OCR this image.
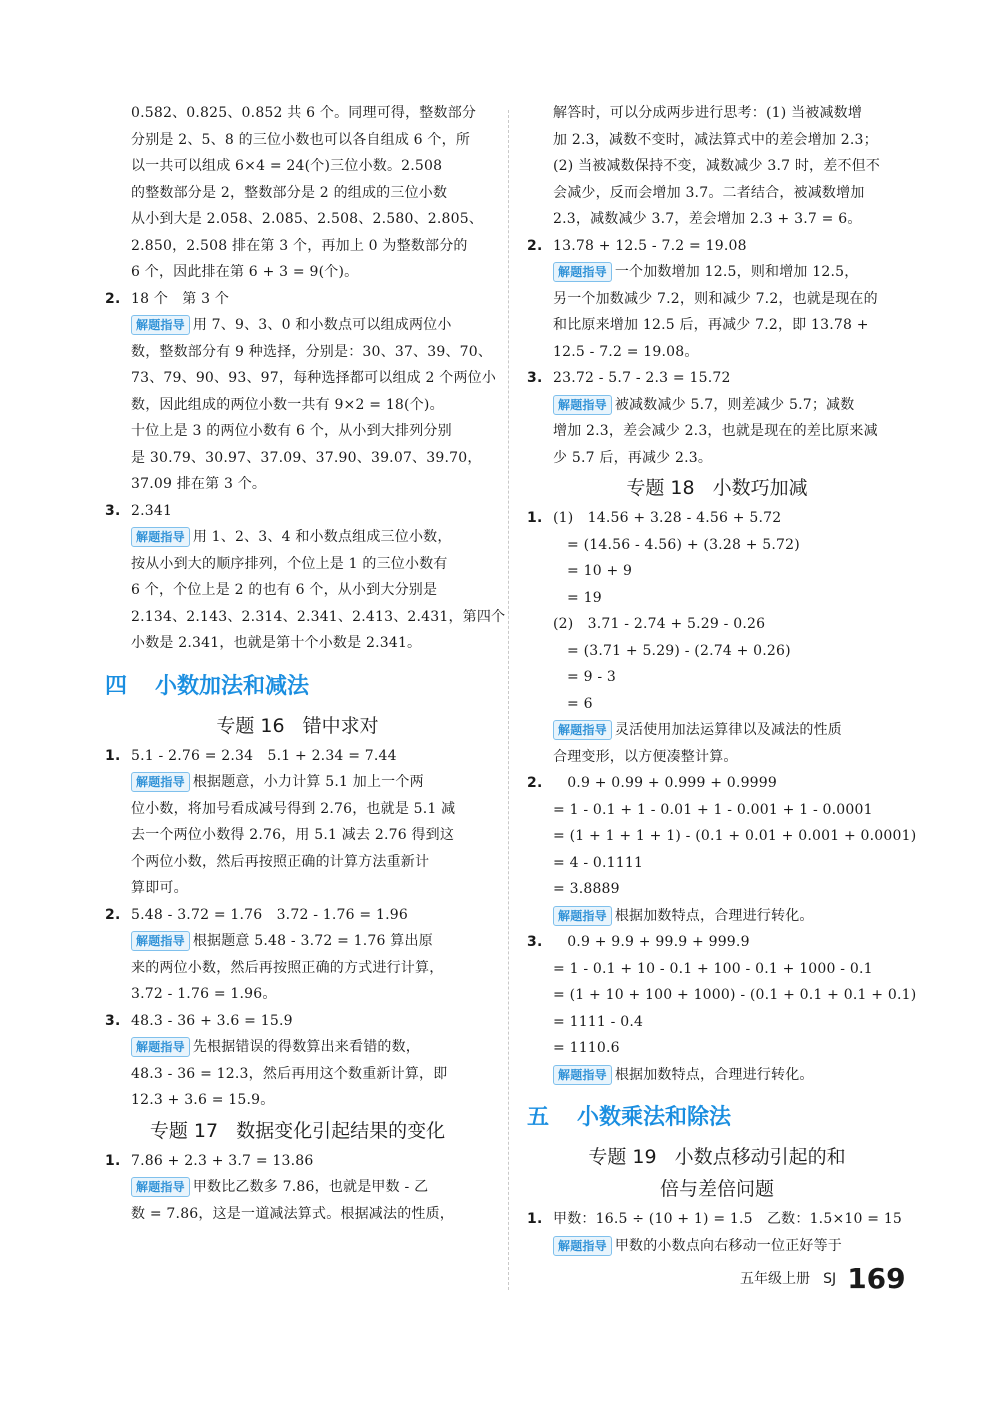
0.582、0.825、0.852 共 6 个。同理可得，整数部分
分别是 2、5、8 的三位小数也可以各自组成 6 个，所
以一共可以组成 6×4 = 24(个)三位小数。2.508
的整数部分是 2，整数部分是 2 的组成的三位小数
从小到大是 2.058、2.085、2.508、2.580、2.805、
2.850，2.508 排在第 3 个，再加上 0 为整数部分的
6 个，因此排在第 6 + 3 = 9(个)。
2. 18 个　第 3 个
解题指导 用 7、9、3、0 和小数点可以组成两位小
数，整数部分有 9 种选择，分别是：30、37、39、70、
73、79、90、93、97，每种选择都可以组成 2 个两位小
数，因此组成的两位小数一共有 9×2 = 18(个)。
十位上是 3 的两位小数有 6 个，从小到大排列分别
是 30.79、30.97、37.09、37.90、39.07、39.70，
37.09 排在第 3 个。
3. 2.341
解题指导 用 1、2、3、4 和小数点组成三位小数，
按从小到大的顺序排列，个位上是 1 的三位小数有
6 个，个位上是 2 的也有 6 个，从小到大分别是
2.134、2.143、2.314、2.341、2.413、2.431，第四个
小数是 2.341，也就是第十个小数是 2.341。
四 小数加法和减法
专题 16 错中求对
1. 5.1 - 2.76 = 2.34　5.1 + 2.34 = 7.44
解题指导 根据题意，小力计算 5.1 加上一个两
位小数，将加号看成减号得到 2.76，也就是 5.1 减
去一个两位小数得 2.76，用 5.1 减去 2.76 得到这
个两位小数，然后再按照正确的计算方法重新计
算即可。
2. 5.48 - 3.72 = 1.76　3.72 - 1.76 = 1.96
解题指导 根据题意 5.48 - 3.72 = 1.76 算出原
来的两位小数，然后再按照正确的方式进行计算，
3.72 - 1.76 = 1.96。
3. 48.3 - 36 + 3.6 = 15.9
解题指导 先根据错误的得数算出来看错的数，
48.3 - 36 = 12.3，然后再用这个数重新计算，即
12.3 + 3.6 = 15.9。
专题 17 数据变化引起结果的变化
1. 7.86 + 2.3 + 3.7 = 13.86
解题指导 甲数比乙数多 7.86，也就是甲数 - 乙
数 = 7.86，这是一道减法算式。根据减法的性质，
解答时，可以分成两步进行思考：(1) 当被减数增
加 2.3，减数不变时，减法算式中的差会增加 2.3；
(2) 当被减数保持不变，减数减少 3.7 时，差不但不
会减少，反而会增加 3.7。二者结合，被减数增加
2.3，减数减少 3.7，差会增加 2.3 + 3.7 = 6。
2. 13.78 + 12.5 - 7.2 = 19.08
解题指导 一个加数增加 12.5，则和增加 12.5，
另一个加数减少 7.2，则和减少 7.2，也就是现在的
和比原来增加 12.5 后，再减少 7.2，即 13.78 +
12.5 - 7.2 = 19.08。
3. 23.72 - 5.7 - 2.3 = 15.72
解题指导 被减数减少 5.7，则差减少 5.7；减数
增加 2.3，差会减少 2.3，也就是现在的差比原来减
少 5.7 后，再减少 2.3。
专题 18 小数巧加减
1. (1)　14.56 + 3.28 - 4.56 + 5.72
= (14.56 - 4.56) + (3.28 + 5.72)
= 10 + 9
= 19
(2)　3.71 - 2.74 + 5.29 - 0.26
= (3.71 + 5.29) - (2.74 + 0.26)
= 9 - 3
= 6
解题指导 灵活使用加法运算律以及减法的性质
合理变形，以方便凑整计算。
2.　0.9 + 0.99 + 0.999 + 0.9999
= 1 - 0.1 + 1 - 0.01 + 1 - 0.001 + 1 - 0.0001
= (1 + 1 + 1 + 1) - (0.1 + 0.01 + 0.001 + 0.0001)
= 4 - 0.1111
= 3.8889
解题指导 根据加数特点，合理进行转化。
3.　0.9 + 9.9 + 99.9 + 999.9
= 1 - 0.1 + 10 - 0.1 + 100 - 0.1 + 1000 - 0.1
= (1 + 10 + 100 + 1000) - (0.1 + 0.1 + 0.1 + 0.1)
= 1111 - 0.4
= 1110.6
解题指导 根据加数特点，合理进行转化。
五 小数乘法和除法
专题 19 小数点移动引起的和
倍与差倍问题
1. 甲数：16.5 ÷ (10 + 1) = 1.5　乙数：1.5×10 = 15
解题指导 甲数的小数点向右移动一位正好等于
五年级上册 SJ 169
